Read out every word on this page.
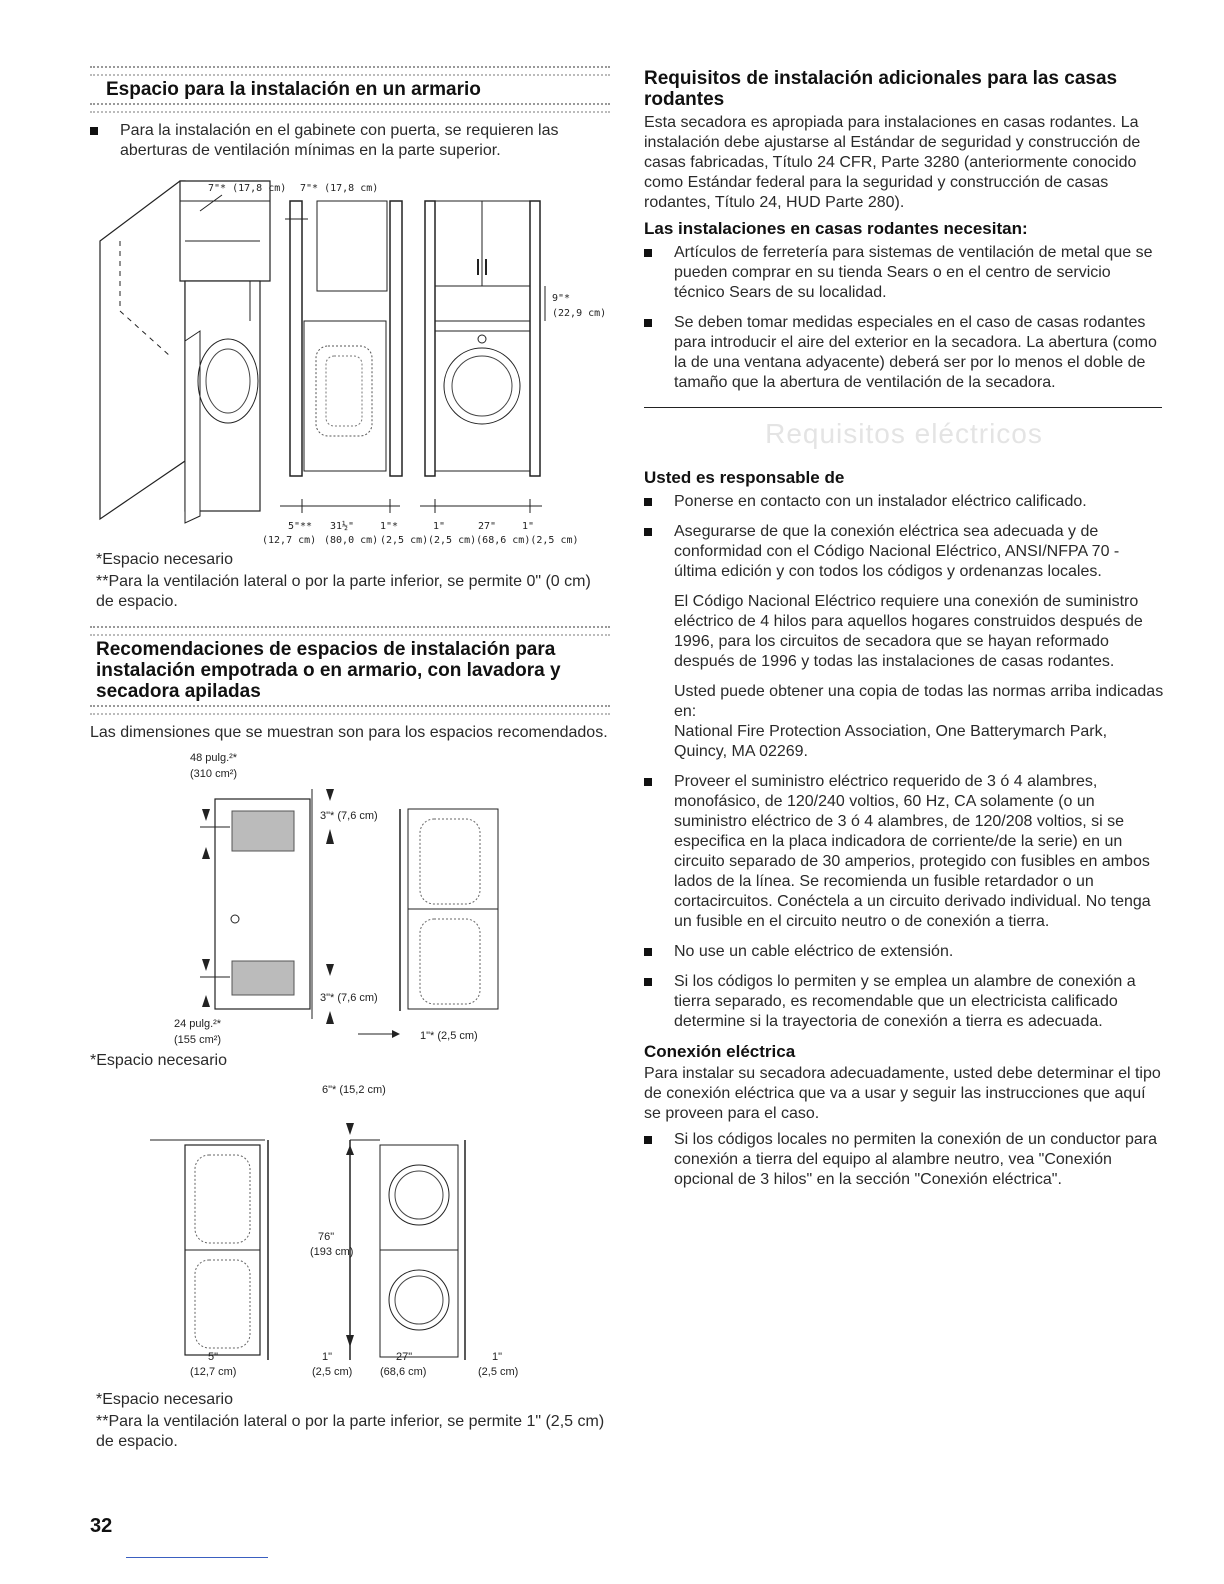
Espacio para la instalación en un armario
Para la instalación en el gabinete con puerta, se requieren las aberturas de ventilación mínimas en la parte superior.
7"* (17,8 cm) 7"* (17,8 cm)
9"*
(22,9 cm)
5"** 31½"	1"*	1"	27"	1"
(12,7 cm) (80,0 cm) (2,5 cm) (2,5 cm)(68,6 cm)(2,5 cm)
*Espacio necesario
**Para la ventilación lateral o por la parte inferior, se permite 0" (0 cm) de espacio.
Recomendaciones de espacios de instalación para instalación empotrada o en armario, con lavadora y secadora apiladas
Las dimensiones que se muestran son para los espacios recomendados.
48 pulg.²*
(310 cm²)
3"* (7,6 cm)
3"* (7,6 cm)
24 pulg.²*
(155 cm²)	1"* (2,5 cm)
*Espacio necesario
6"* (15,2 cm)
76"
(193 cm)
5"
(12,7 cm)
1"
(2,5 cm)
27"
(68,6 cm)
1"
(2,5 cm)
*Espacio necesario
**Para la ventilación lateral o por la parte inferior, se permite 1" (2,5 cm) de espacio.
Requisitos de instalación adicionales para las casas rodantes
Esta secadora es apropiada para instalaciones en casas rodantes. La instalación debe ajustarse al Estándar de seguridad y construcción de casas fabricadas, Título 24 CFR, Parte 3280 (anteriormente conocido como Estándar federal para la seguridad y construcción de casas rodantes, Título 24, HUD Parte 280).
Las instalaciones en casas rodantes necesitan:
Artículos de ferretería para sistemas de ventilación de metal que se pueden comprar en su tienda Sears o en el centro de servicio técnico Sears de su localidad.
Se deben tomar medidas especiales en el caso de casas rodantes para introducir el aire del exterior en la secadora. La abertura (como la de una ventana adyacente) deberá ser por lo menos el doble de tamaño que la abertura de ventilación de la secadora.
Requisitos eléctricos
Usted es responsable de
Ponerse en contacto con un instalador eléctrico calificado.
Asegurarse de que la conexión eléctrica sea adecuada y de conformidad con el Código Nacional Eléctrico, ANSI/NFPA 70 - última edición y con todos los códigos y ordenanzas locales.
El Código Nacional Eléctrico requiere una conexión de suministro eléctrico de 4 hilos para aquellos hogares construidos después de 1996, para los circuitos de secadora que se hayan reformado después de 1996 y todas las instalaciones de casas rodantes.
Usted puede obtener una copia de todas las normas arriba indicadas en:
National Fire Protection Association, One Batterymarch Park, Quincy, MA 02269.
Proveer el suministro eléctrico requerido de 3 ó 4 alambres, monofásico, de 120/240 voltios, 60 Hz, CA solamente (o un suministro eléctrico de 3 ó 4 alambres, de 120/208 voltios, si se especifica en la placa indicadora de corriente/de la serie) en un circuito separado de 30 amperios, protegido con fusibles en ambos lados de la línea. Se recomienda un fusible retardador o un cortacircuitos. Conéctela a un circuito derivado individual. No tenga un fusible en el circuito neutro o de conexión a tierra.
No use un cable eléctrico de extensión.
Si los códigos lo permiten y se emplea un alambre de conexión a tierra separado, es recomendable que un electricista calificado determine si la trayectoria de conexión a tierra es adecuada.
Conexión eléctrica
Para instalar su secadora adecuadamente, usted debe determinar el tipo de conexión eléctrica que va a usar y seguir las instrucciones que aquí se proveen para el caso.
Si los códigos locales no permiten la conexión de un conductor para conexión a tierra del equipo al alambre neutro, vea "Conexión opcional de 3 hilos" en la sección "Conexión eléctrica".
32
